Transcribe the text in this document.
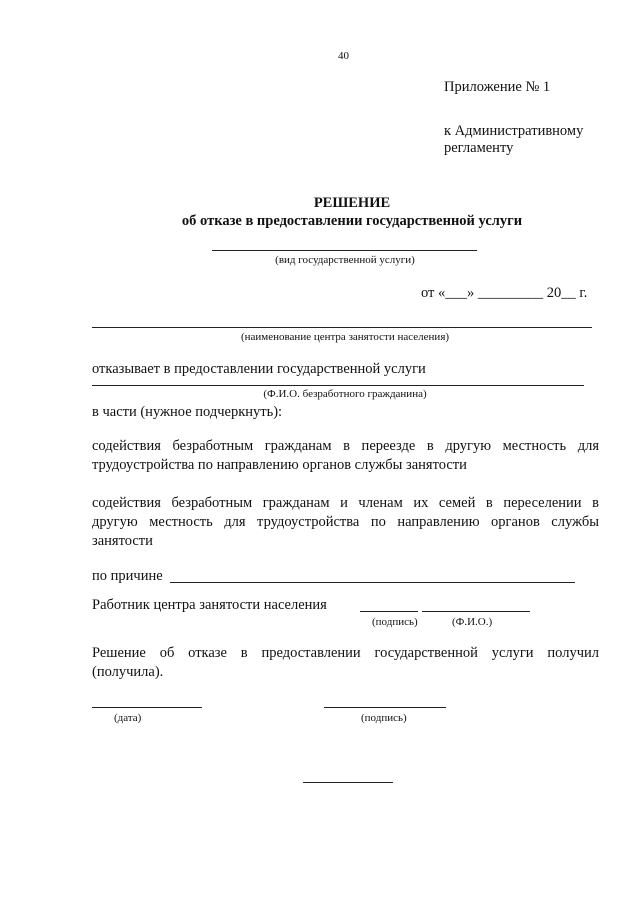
40
Приложение № 1
к Административному
регламенту
РЕШЕНИЕ
об отказе в предоставлении государственной услуги
(вид государственной услуги)
от «___» _________ 20__ г.
(наименование центра занятости населения)
отказывает в предоставлении государственной услуги
(Ф.И.О. безработного гражданина)
в части (нужное подчеркнуть):
содействия безработным гражданам в переезде в другую местность для
трудоустройства по направлению органов службы занятости
содействия безработным гражданам и членам их семей в переселении в
другую местность для трудоустройства по направлению органов службы
занятости
по причине
Работник центра занятости населения
(подпись)	(Ф.И.О.)
Решение об отказе в предоставлении государственной услуги получил
(получила).
(дата)	(подпись)
